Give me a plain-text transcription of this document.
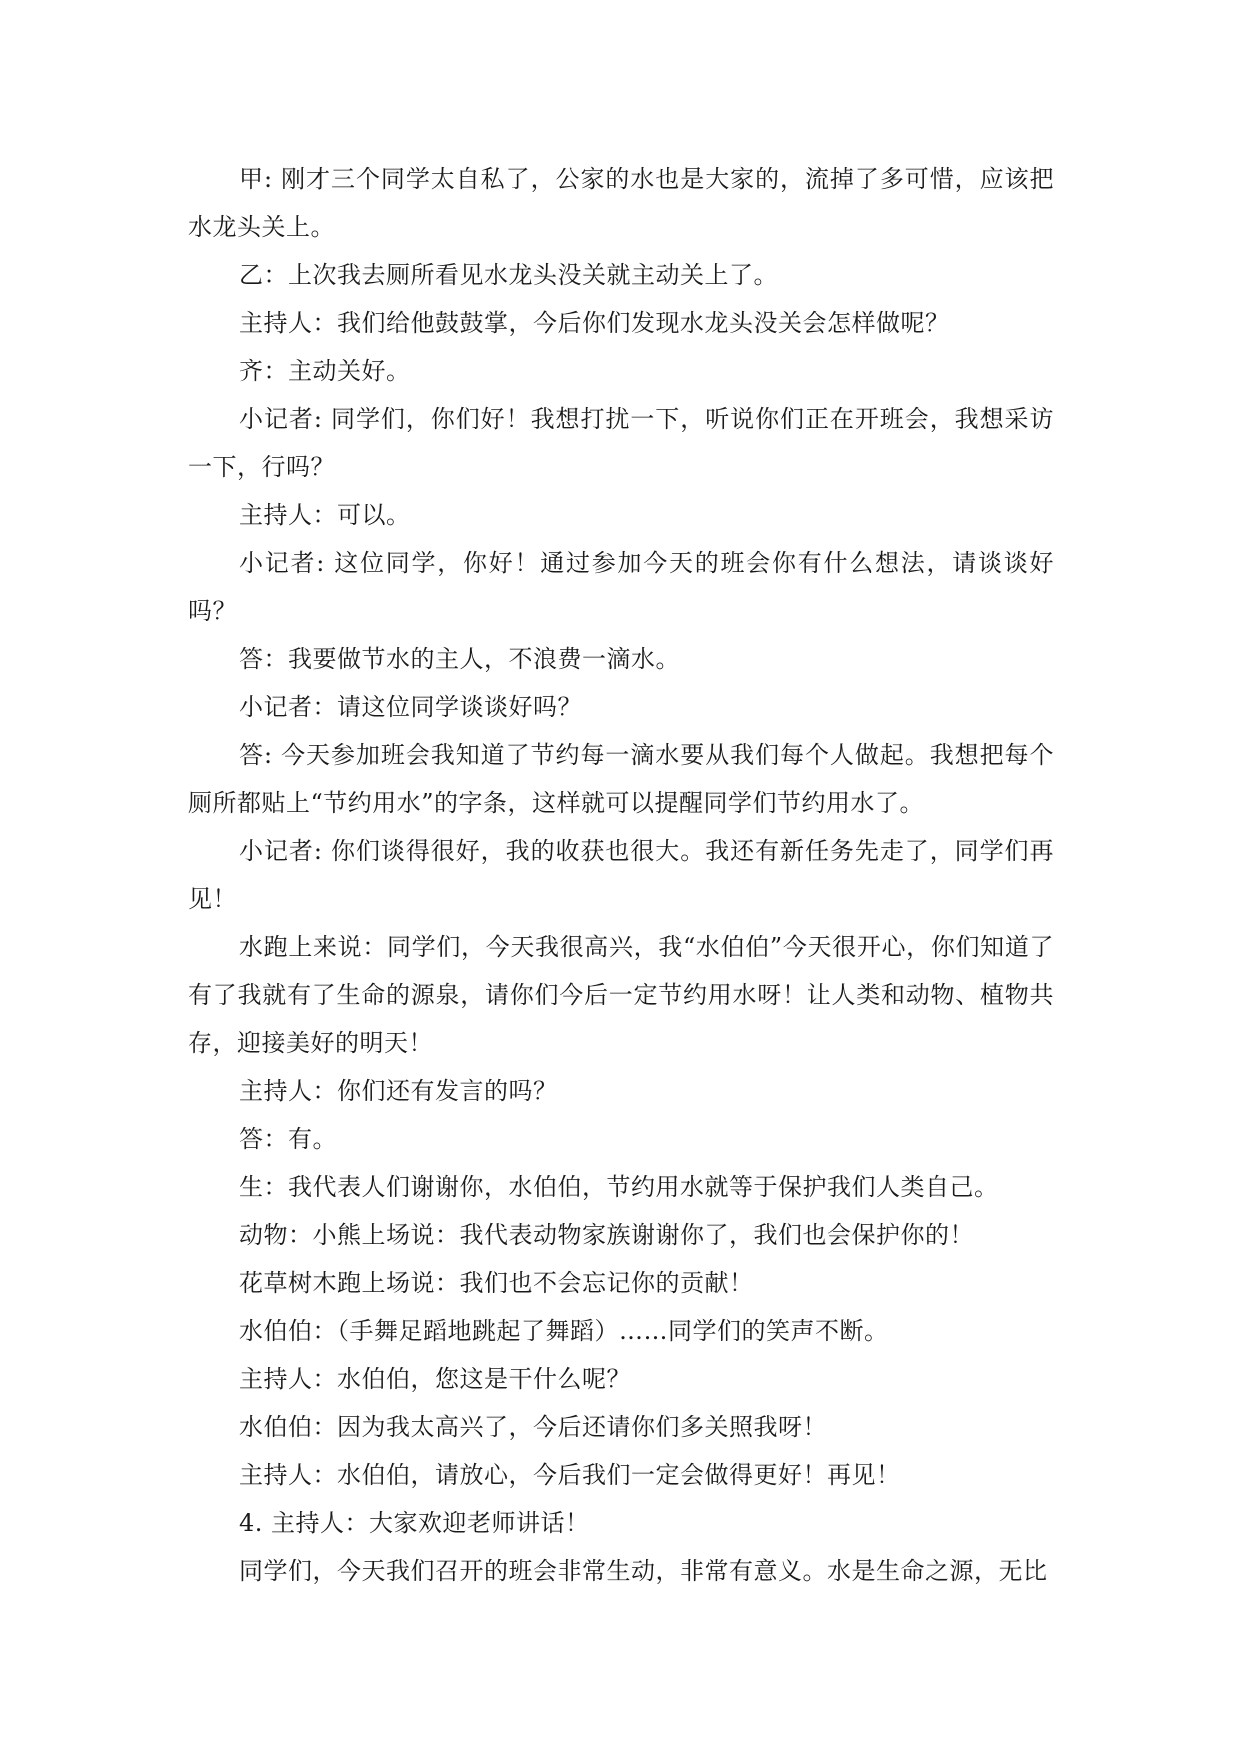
甲: 刚才三个同学太自私了，公家的水也是大家的，流掉了多可惜，应该把水龙头关上。

乙：上次我去厕所看见水龙头没关就主动关上了。

主持人：我们给他鼓鼓掌，今后你们发现水龙头没关会怎样做呢？

齐：主动关好。

小记者: 同学们，你们好！我想打扰一下，听说你们正在开班会，我想采访一下，行吗？

主持人：可以。

小记者: 这位同学，你好！通过参加今天的班会你有什么想法，请谈谈好吗？

答：我要做节水的主人，不浪费一滴水。

小记者：请这位同学谈谈好吗？

答: 今天参加班会我知道了节约每一滴水要从我们每个人做起。我想把每个厕所都贴上“节约用水”的字条，这样就可以提醒同学们节约用水了。

小记者: 你们谈得很好，我的收获也很大。我还有新任务先走了，同学们再见！

水跑上来说：同学们，今天我很高兴，我“水伯伯”今天很开心，你们知道了有了我就有了生命的源泉，请你们今后一定节约用水呀！让人类和动物、植物共存，迎接美好的明天！

主持人：你们还有发言的吗？

答：有。

生：我代表人们谢谢你，水伯伯，节约用水就等于保护我们人类自己。

动物：小熊上场说：我代表动物家族谢谢你了，我们也会保护你的！

花草树木跑上场说：我们也不会忘记你的贡献！

水伯伯：（手舞足蹈地跳起了舞蹈）……同学们的笑声不断。

主持人：水伯伯，您这是干什么呢？

水伯伯：因为我太高兴了，今后还请你们多关照我呀！

主持人：水伯伯，请放心，今后我们一定会做得更好！再见！

4. 主持人：大家欢迎老师讲话！

同学们，今天我们召开的班会非常生动，非常有意义。水是生命之源，无比
